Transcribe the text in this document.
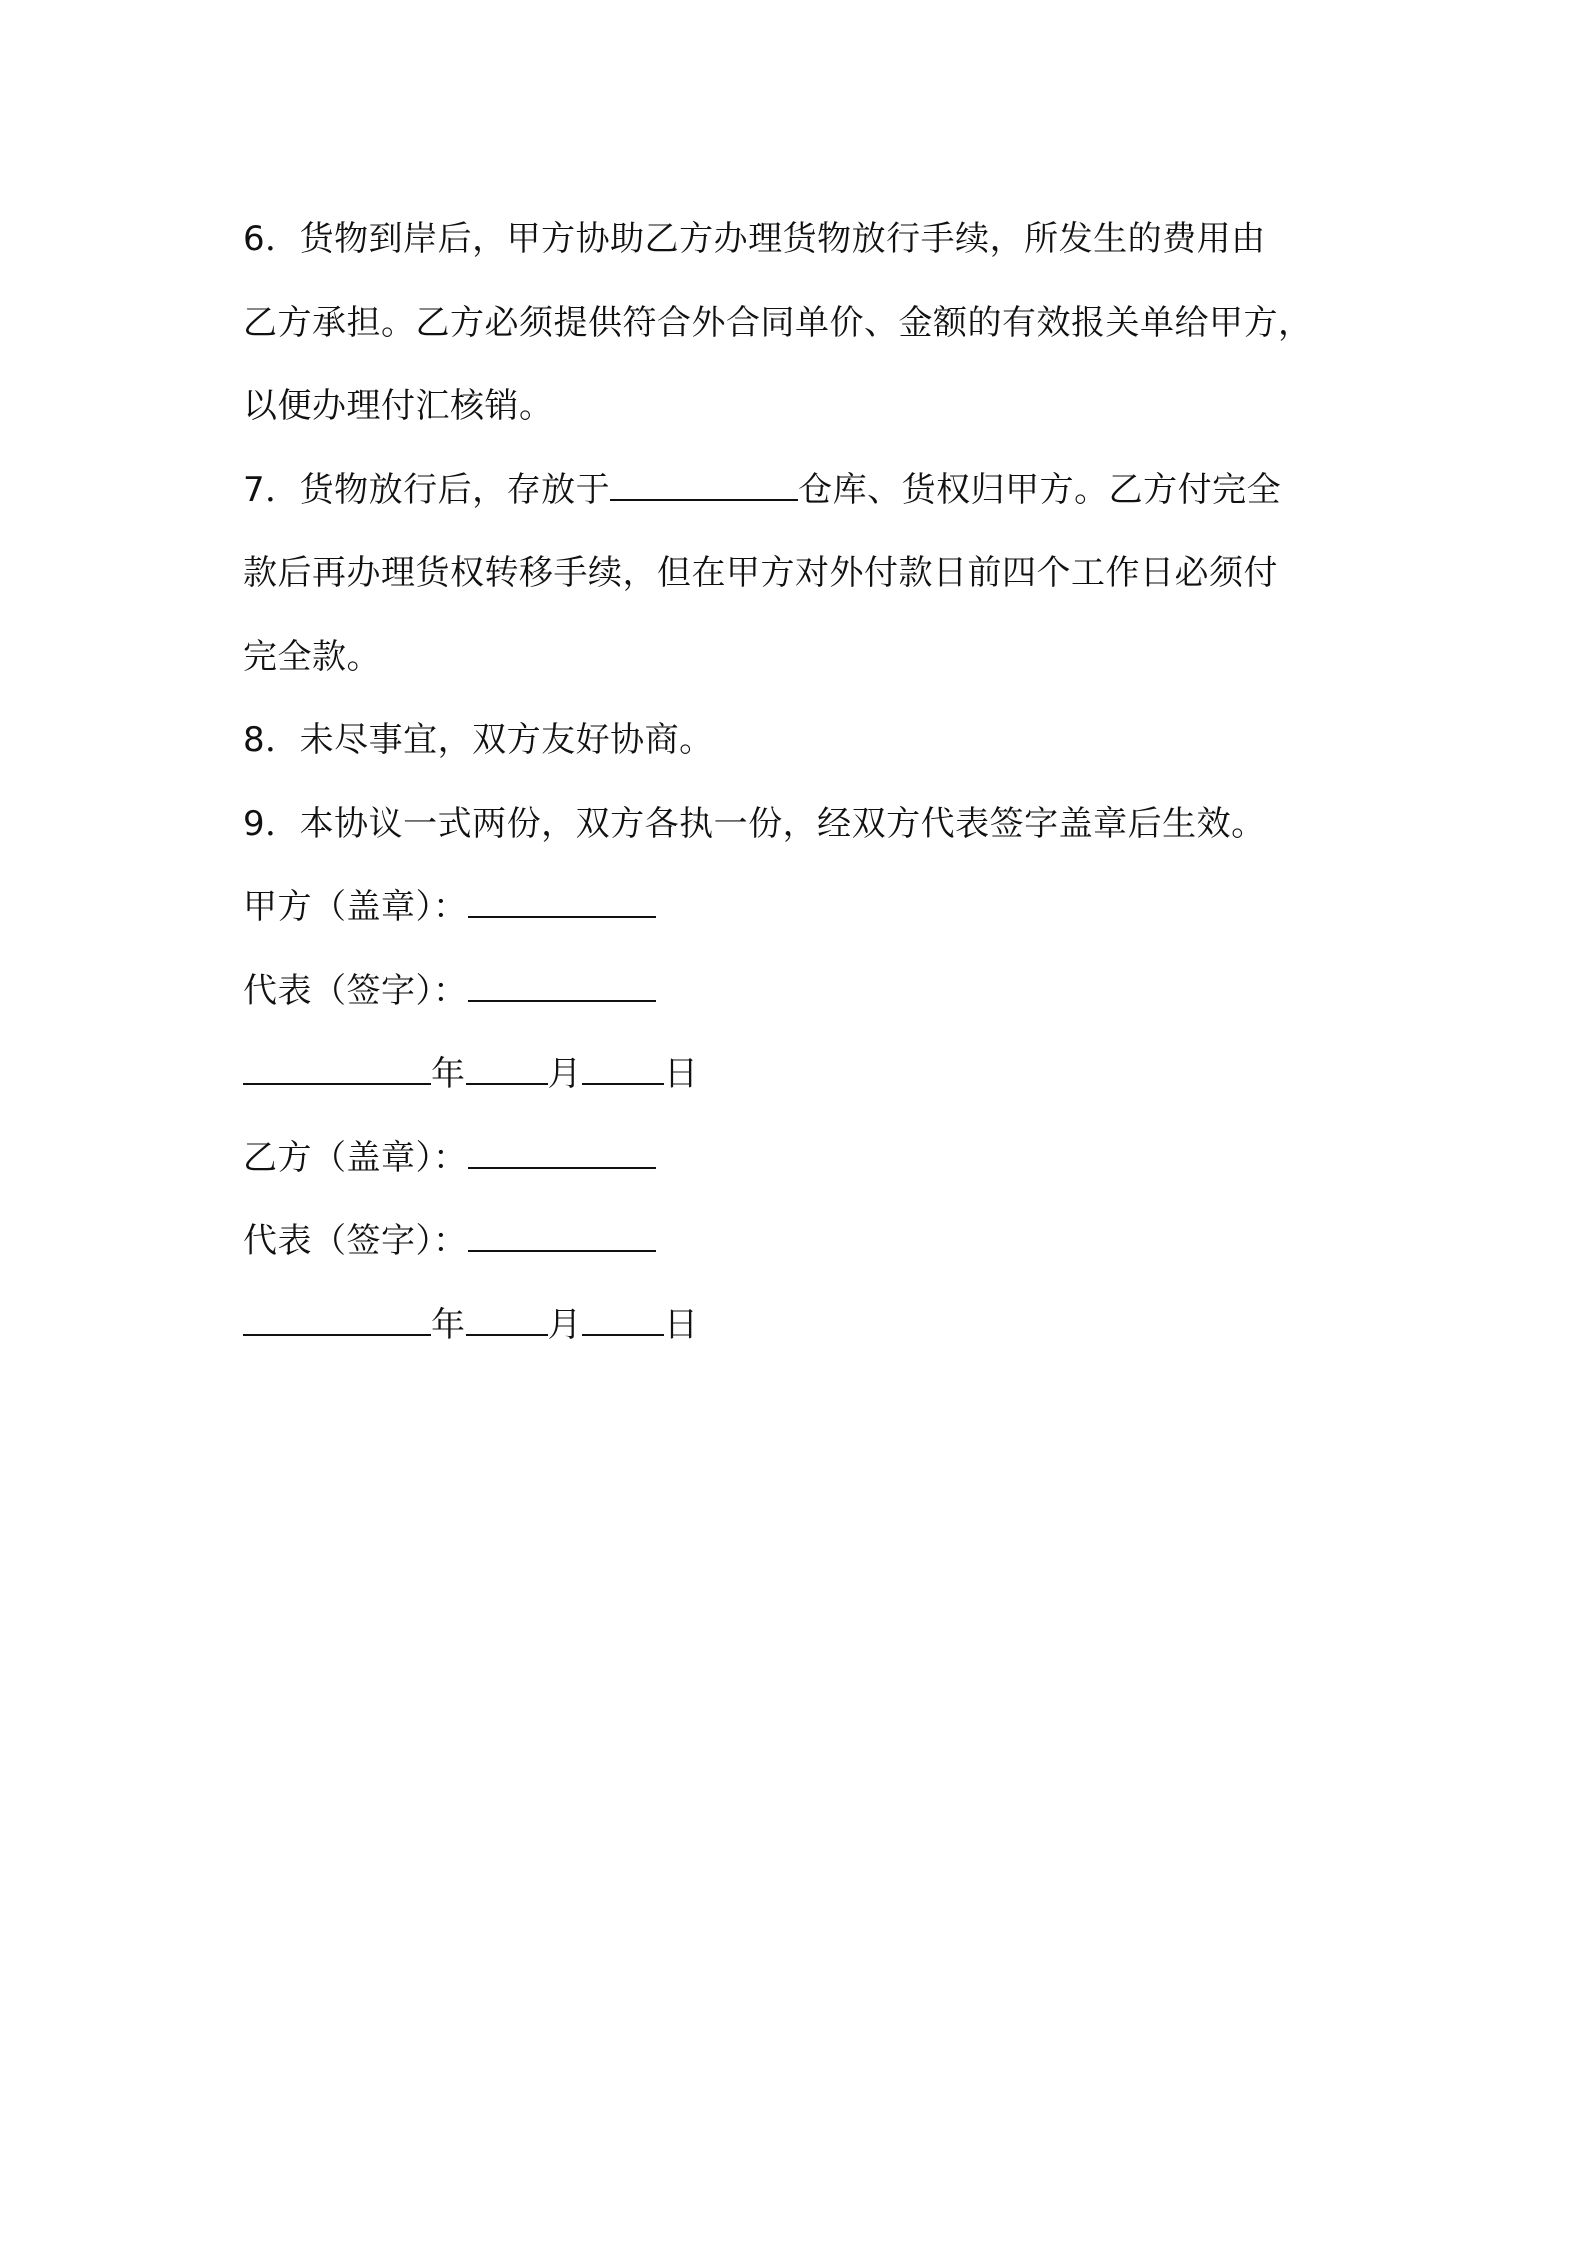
6．货物到岸后，甲方协助乙方办理货物放行手续，所发生的费用由
乙方承担。乙方必须提供符合外合同单价、金额的有效报关单给甲方，
以便办理付汇核销。
7．货物放行后，存放于	仓库、货权归甲方。乙方付完全
款后再办理货权转移手续，但在甲方对外付款日前四个工作日必须付
完全款。
8．未尽事宜，双方友好协商。
9．本协议一式两份，双方各执一份，经双方代表签字盖章后生效。
甲方（盖章）：
代表（签字）：
年 月 日
乙方（盖章）：
代表（签字）：
年 月 日
